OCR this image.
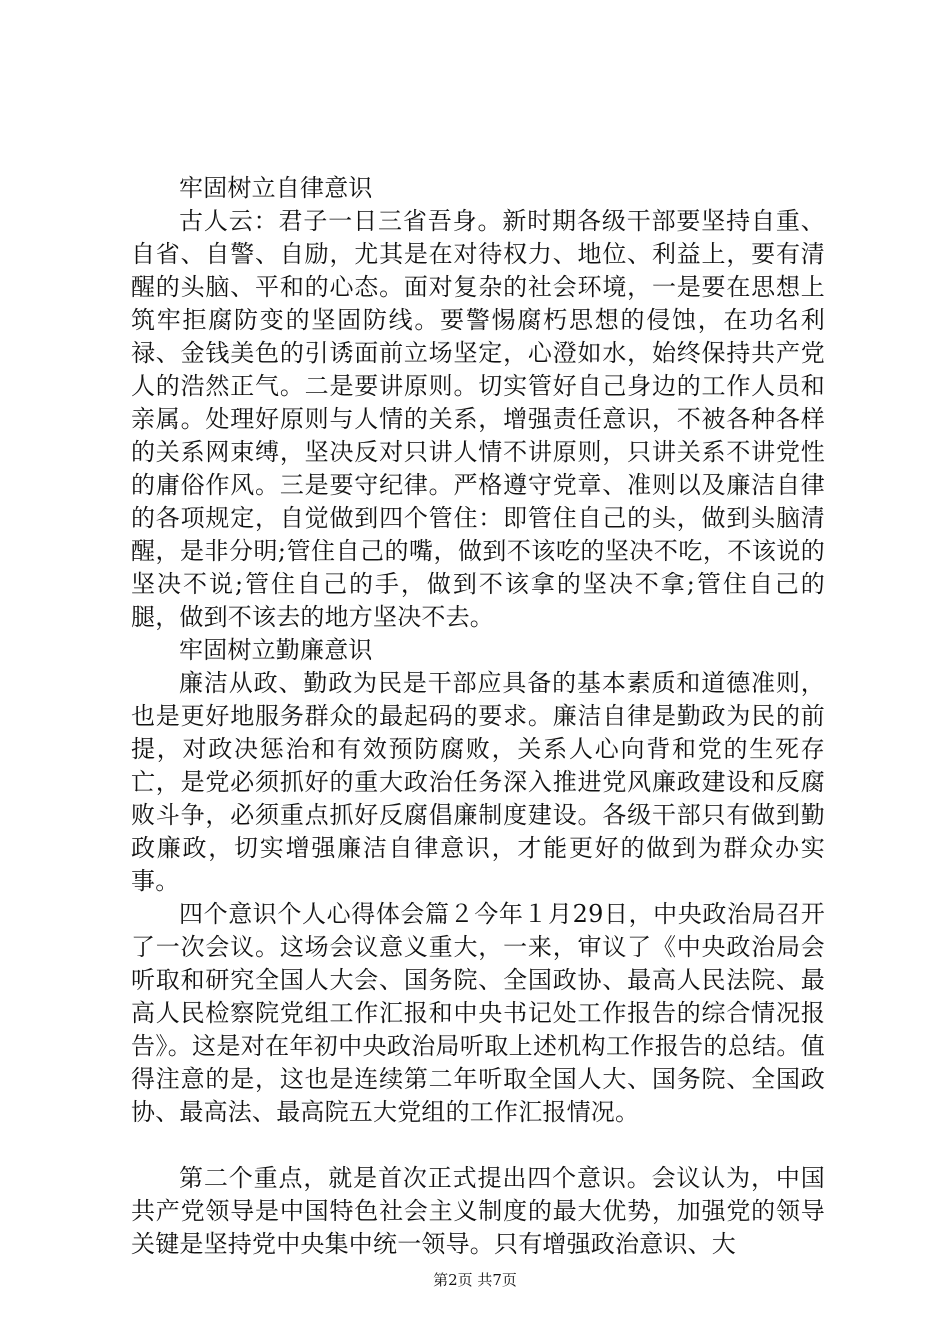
牢固树立自律意识

古人云：君子一日三省吾身。新时期各级干部要坚持自重、自省、自警、自励，尤其是在对待权力、地位、利益上，要有清醒的头脑、平和的心态。面对复杂的社会环境，一是要在思想上筑牢拒腐防变的坚固防线。要警惕腐朽思想的侵蚀，在功名利禄、金钱美色的引诱面前立场坚定，心澄如水，始终保持共产党人的浩然正气。二是要讲原则。切实管好自己身边的工作人员和亲属。处理好原则与人情的关系，增强责任意识，不被各种各样的关系网束缚，坚决反对只讲人情不讲原则，只讲关系不讲党性的庸俗作风。三是要守纪律。严格遵守党章、准则以及廉洁自律的各项规定，自觉做到四个管住：即管住自己的头，做到头脑清醒，是非分明;管住自己的嘴，做到不该吃的坚决不吃，不该说的坚决不说;管住自己的手，做到不该拿的坚决不拿;管住自己的腿，做到不该去的地方坚决不去。

牢固树立勤廉意识

廉洁从政、勤政为民是干部应具备的基本素质和道德准则，也是更好地服务群众的最起码的要求。廉洁自律是勤政为民的前提，对政决惩治和有效预防腐败，关系人心向背和党的生死存亡，是党必须抓好的重大政治任务深入推进党风廉政建设和反腐败斗争，必须重点抓好反腐倡廉制度建设。各级干部只有做到勤政廉政，切实增强廉洁自律意识，才能更好的做到为群众办实事。

四个意识个人心得体会篇２今年１月29日，中央政治局召开了一次会议。这场会议意义重大，一来，审议了《中央政治局会听取和研究全国人大会、国务院、全国政协、最高人民法院、最高人民检察院党组工作汇报和中央书记处工作报告的综合情况报告》。这是对在年初中央政治局听取上述机构工作报告的总结。值得注意的是，这也是连续第二年听取全国人大、国务院、全国政协、最高法、最高院五大党组的工作汇报情况。

第二个重点，就是首次正式提出四个意识。会议认为，中国共产党领导是中国特色社会主义制度的最大优势，加强党的领导关键是坚持党中央集中统一领导。只有增强政治意识、大

第2页 共7页
